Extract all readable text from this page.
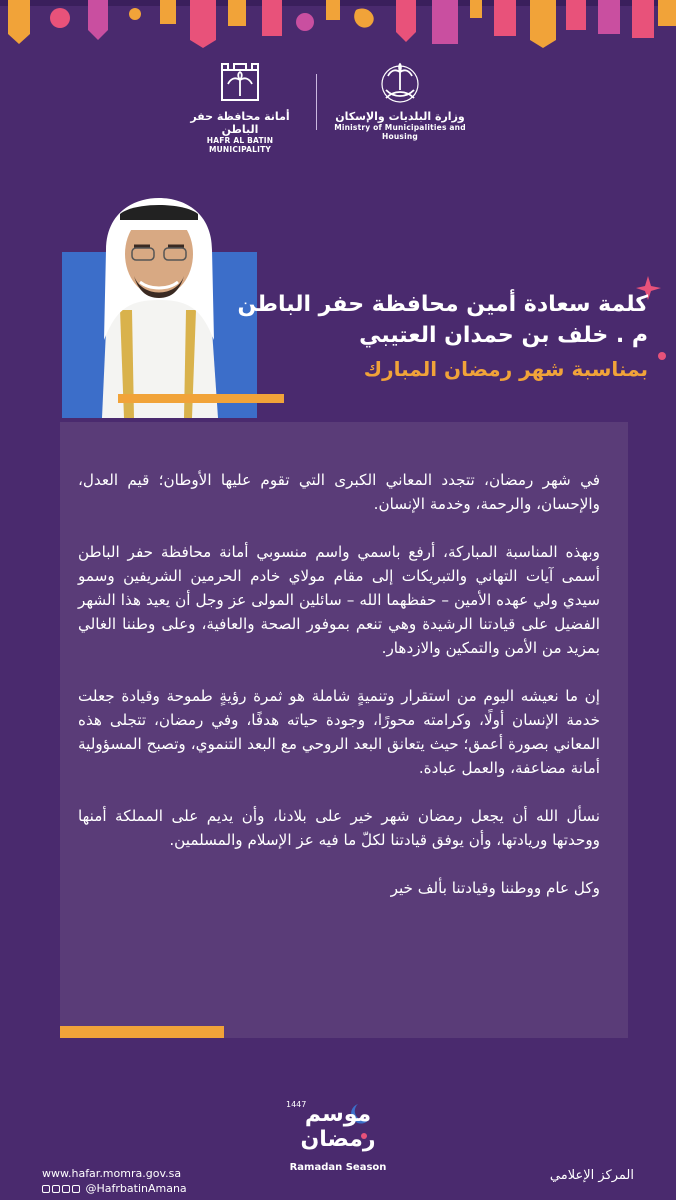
أمانة محافظة حفر الباطن
HAFR AL BATIN MUNICIPALITY
وزارة البلديات والإسكان
Ministry of Municipalities and Housing
كلمة سعادة أمين محافظة حفر الباطن
م . خلف بن حمدان العتيبي
بمناسبة شهر رمضان المبارك

في شهر رمضان، تتجدد المعاني الكبرى التي تقوم عليها الأوطان؛ قيم العدل، والإحسان، والرحمة، وخدمة الإنسان.

وبهذه المناسبة المباركة، أرفع باسمي واسم منسوبي أمانة محافظة حفر الباطن أسمى آيات التهاني والتبريكات إلى مقام مولاي خادم الحرمين الشريفين وسمو سيدي ولي عهده الأمين – حفظهما الله – سائلين المولى عز وجل أن يعيد هذا الشهر الفضيل على قيادتنا الرشيدة وهي تنعم بموفور الصحة والعافية، وعلى وطننا الغالي بمزيد من الأمن والتمكين والازدهار.

إن ما نعيشه اليوم من استقرار وتنميةٍ شاملة هو ثمرة رؤيةٍ طموحة وقيادة جعلت خدمة الإنسان أولًا، وكرامته محورًا، وجودة حياته هدفًا، وفي رمضان، تتجلى هذه المعاني بصورة أعمق؛ حيث يتعانق البعد الروحي مع البعد التنموي، وتصبح المسؤولية أمانة مضاعفة، والعمل عبادة.

نسأل الله أن يجعل رمضان شهر خير على بلادنا، وأن يديم على المملكة أمنها ووحدتها وريادتها، وأن يوفق قيادتنا لكلّ ما فيه عز الإسلام والمسلمين.

وكل عام ووطننا وقيادتنا بألف خير

موسم رمضان
1447
Ramadan Season
www.hafar.momra.gov.sa
@HafrbatinAmana
المركز الإعلامي
